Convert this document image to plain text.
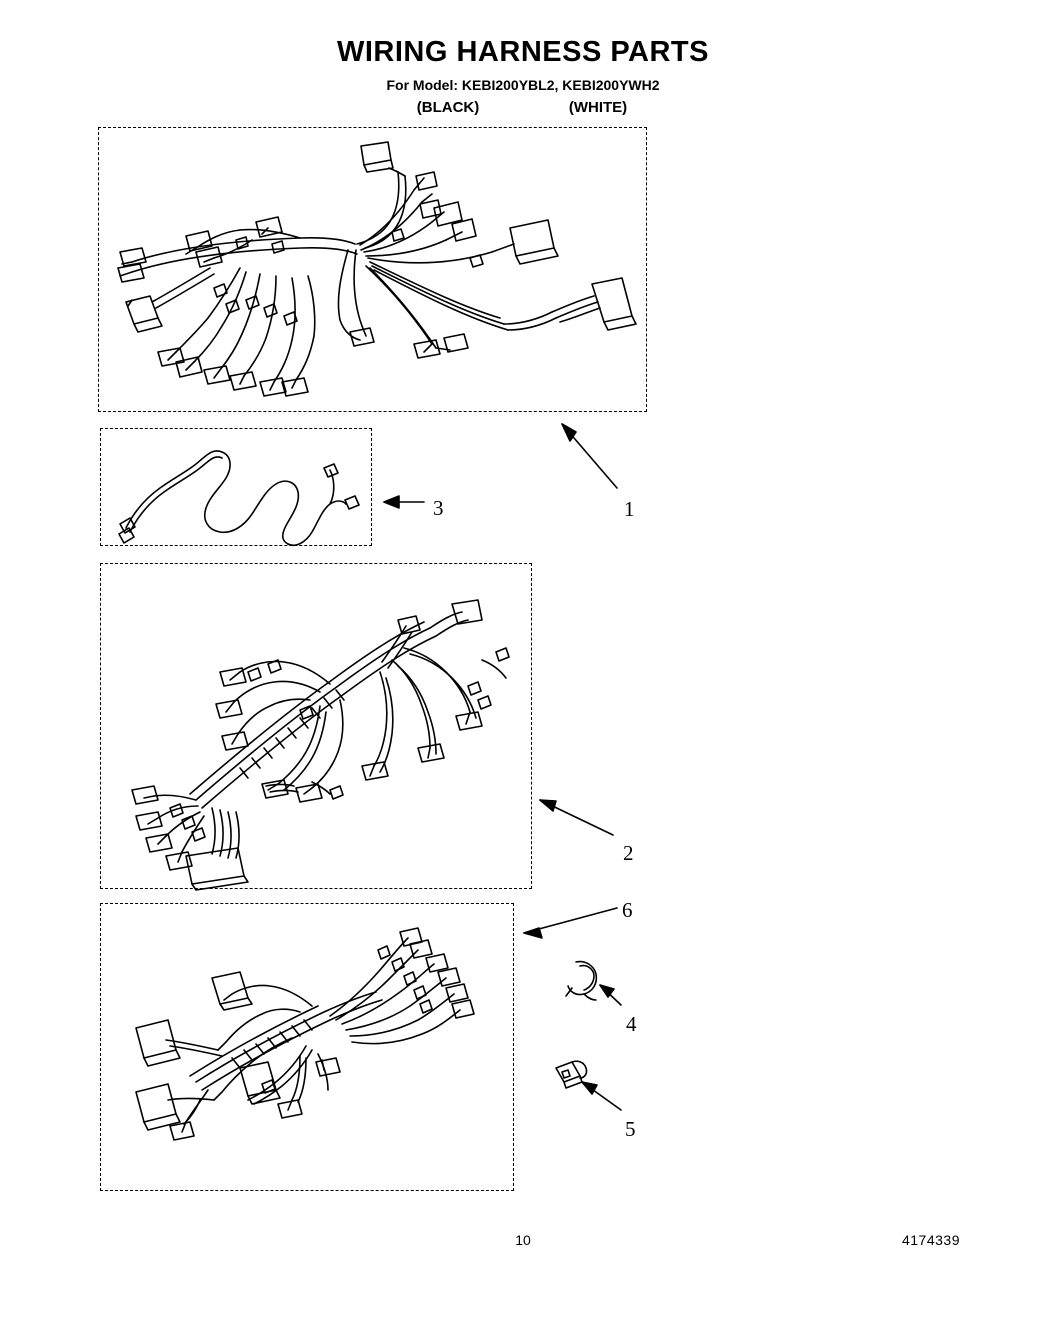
WIRING HARNESS PARTS
For Model: KEBI200YBL2, KEBI200YWH2
(BLACK)	(WHITE)
1
2
3
4
5
6
10	4174339
